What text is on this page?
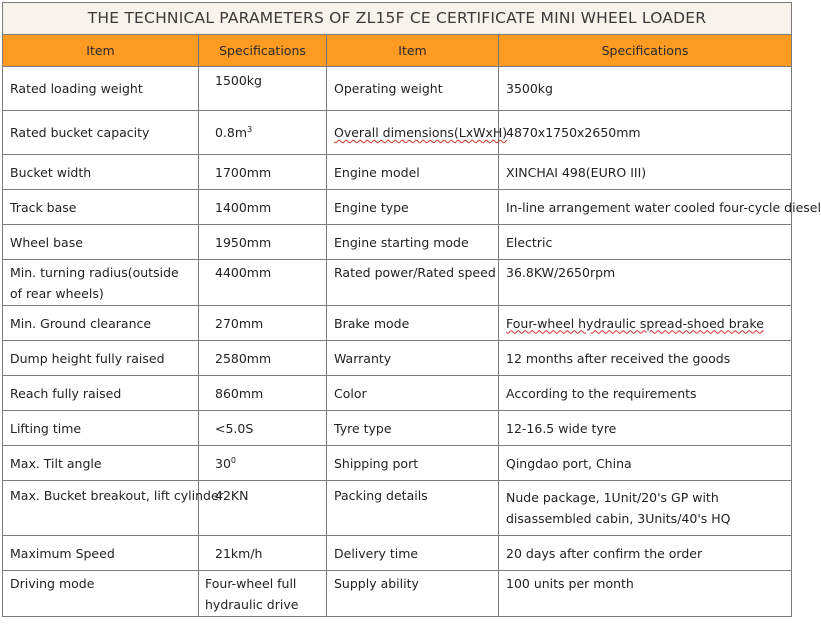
THE TECHNICAL PARAMETERS OF ZL15F CE CERTIFICATE MINI WHEEL LOADER			
Item	Specifications	Item	Specifications
Rated loading weight	1500kg	Operating weight	3500kg
Rated bucket capacity	$0.8m^3$	Overall dimensions(LxWxH)	4870x1750x2650mm
Bucket width	1700mm	Engine model	XINCHAI 498(EURO III)
Track base	1400mm	Engine type	In-line arrangement water cooled four-cycle diesel
Wheel base	1950mm	Engine starting mode	Electric
Min. turning radius(outside of rear wheels)	4400mm	Rated power/Rated speed	36.8KW/2650rpm
Min. Ground clearance	270mm	Brake mode	Four-wheel hydraulic spread-shoed brake
Dump height fully raised	2580mm	Warranty	12 months after received the goods
Reach fully raised	860mm	Color	According to the requirements
Lifting time	<5.0S	Tyre type	12-16.5 wide tyre
Max. Tilt angle	$30^0$	Shipping port	Qingdao port, China
Max. Bucket breakout, lift cylinder	42KN	Packing details	Nude package, 1Unit/20's GP with disassembled cabin, 3Units/40's HQ
Maximum Speed	21km/h	Delivery time	20 days after confirm the order
Driving mode	Four-wheel full hydraulic drive	Supply ability	100 units per month
